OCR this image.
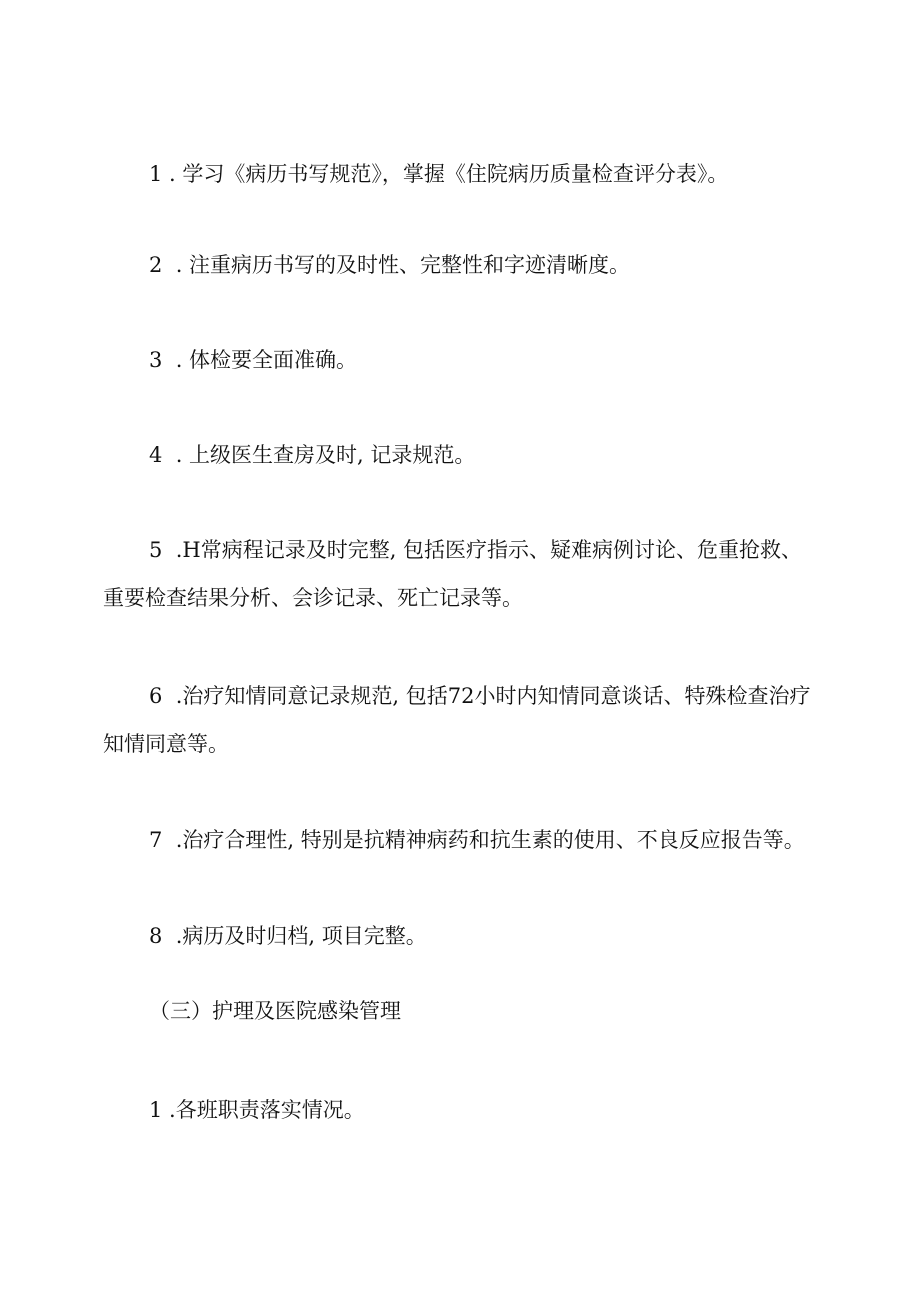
1 . 学习《病历书写规范》，掌握《住院病历质量检查评分表》。

2  . 注重病历书写的及时性、完整性和字迹清晰度。

3  . 体检要全面准确。

4  . 上级医生查房及时, 记录规范。

5  .H常病程记录及时完整, 包括医疗指示、疑难病例讨论、危重抢救、重要检查结果分析、会诊记录、死亡记录等。

6  .治疗知情同意记录规范, 包括72小时内知情同意谈话、特殊检查治疗知情同意等。

7  .治疗合理性, 特别是抗精神病药和抗生素的使用、不良反应报告等。

8  .病历及时归档, 项目完整。

（三）护理及医院感染管理

1 .各班职责落实情况。
